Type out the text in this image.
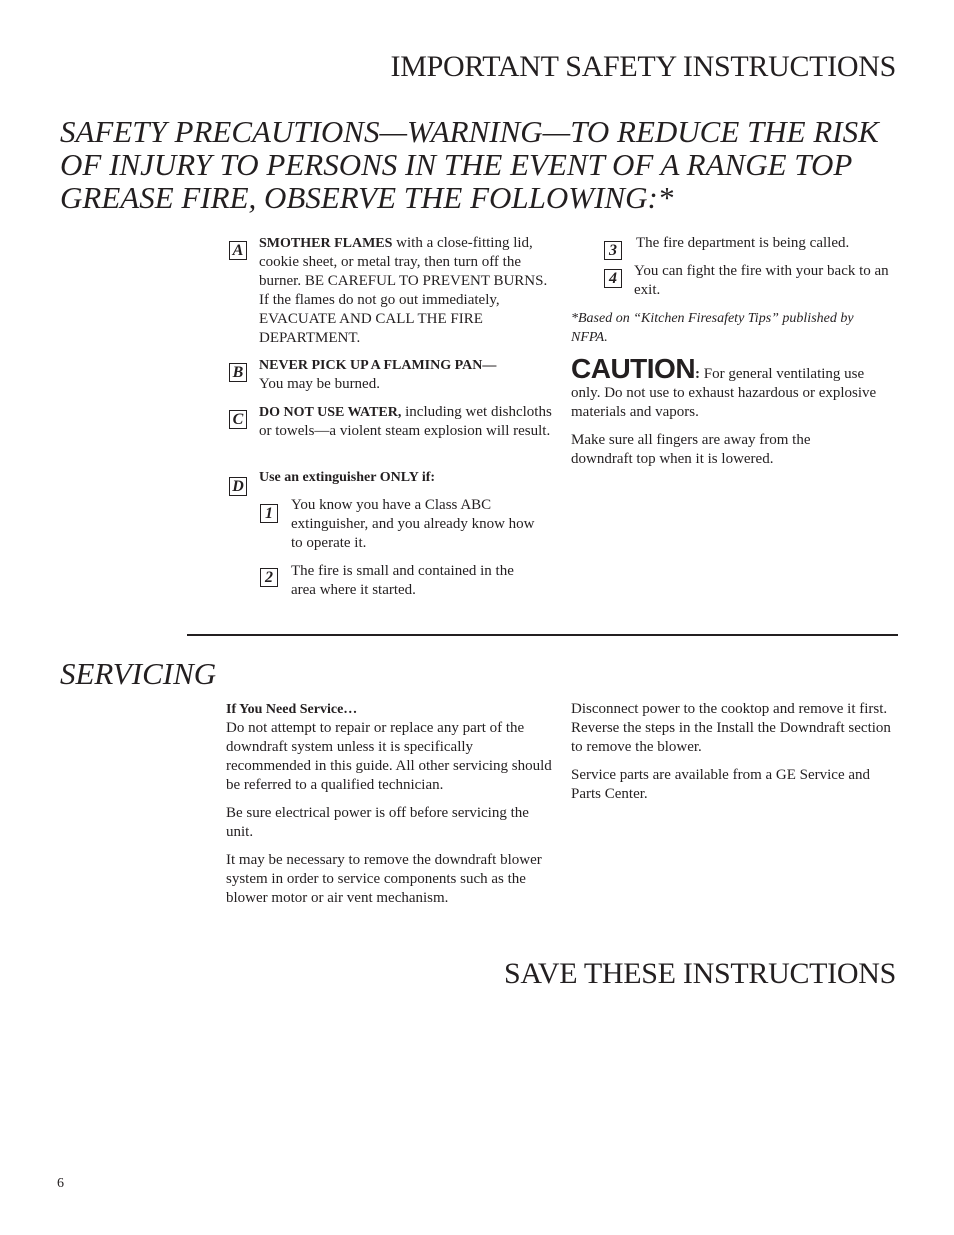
IMPORTANT SAFETY INSTRUCTIONS
SAFETY PRECAUTIONS—WARNING—TO REDUCE THE RISK OF INJURY TO PERSONS IN THE EVENT OF A RANGE TOP GREASE FIRE, OBSERVE THE FOLLOWING:*
A SMOTHER FLAMES with a close-fitting lid, cookie sheet, or metal tray, then turn off the burner. BE CAREFUL TO PREVENT BURNS. If the flames do not go out immediately, EVACUATE AND CALL THE FIRE DEPARTMENT.

B NEVER PICK UP A FLAMING PAN—
You may be burned.

C DO NOT USE WATER, including wet dishcloths or towels—a violent steam explosion will result.

D

Use an extinguisher ONLY if:

1	You know you have a Class ABC extinguisher, and you already know how to operate it.

2	The fire is small and contained in the area where it started.

3	The fire department is being called.

4	You can fight the fire with your back to an exit.

*Based on “Kitchen Firesafety Tips” published by NFPA.

CAUTION: For general ventilating use only. Do not use to exhaust hazardous or explosive materials and vapors.

Make sure all fingers are away from the downdraft top when it is lowered.

SERVICING

If You Need Service…

Do not attempt to repair or replace any part of the downdraft system unless it is specifically recommended in this guide. All other servicing should be referred to a qualified technician.

Be sure electrical power is off before servicing the unit.

It may be necessary to remove the downdraft blower system in order to service components such as the blower motor or air vent mechanism.

Disconnect power to the cooktop and remove it first. Reverse the steps in the Install the Downdraft section to remove the blower.

Service parts are available from a GE Service and Parts Center.

SAVE THESE INSTRUCTIONS
6
